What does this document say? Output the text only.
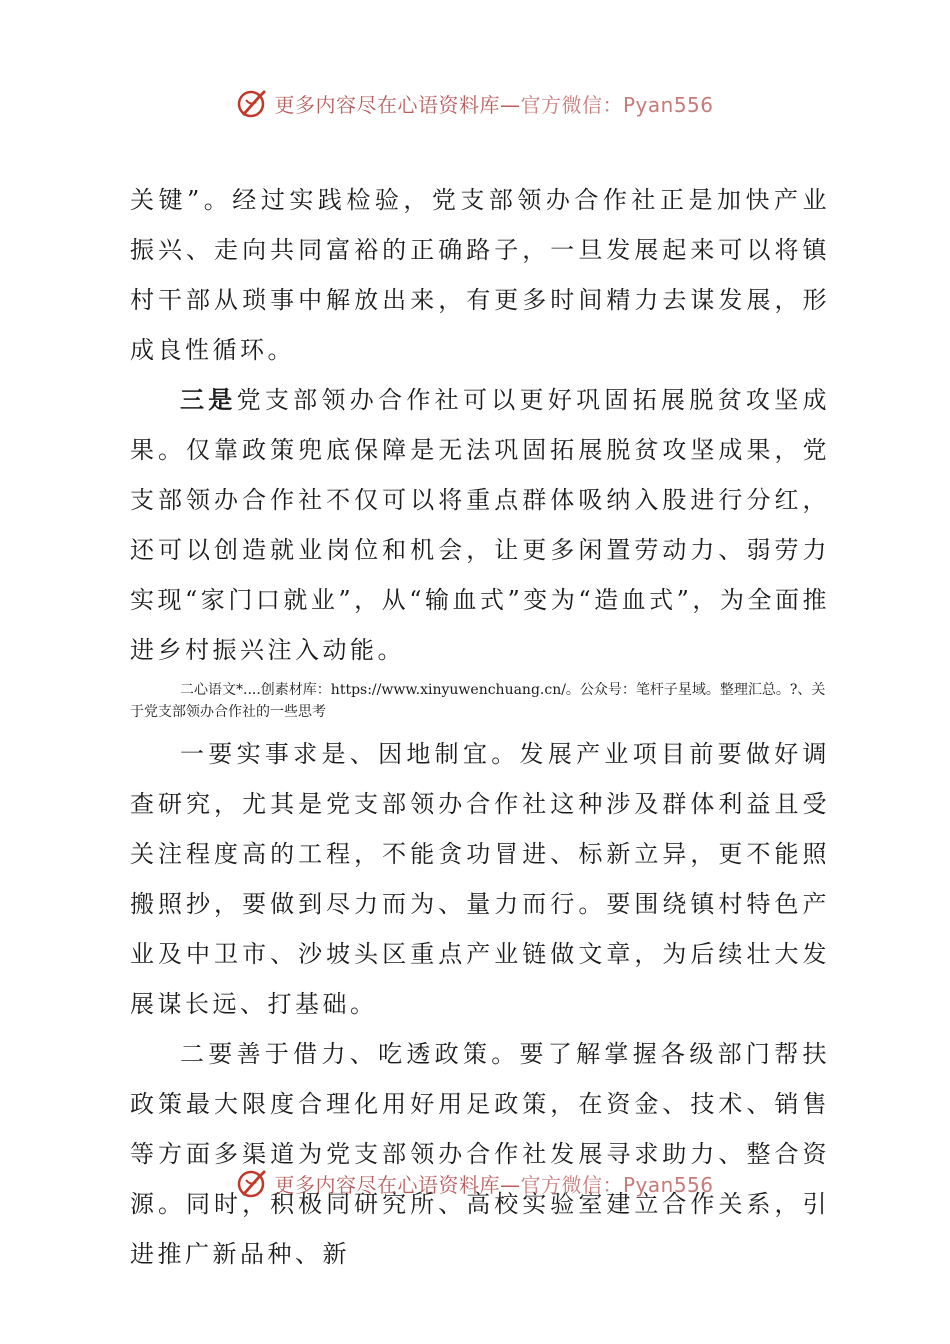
更多内容尽在心语资料库—官方微信：Pyan556

关键”。经过实践检验，党支部领办合作社正是加快产业振兴、走向共同富裕的正确路子，一旦发展起来可以将镇村干部从琐事中解放出来，有更多时间精力去谋发展，形成良性循环。

三是党支部领办合作社可以更好巩固拓展脱贫攻坚成果。仅靠政策兜底保障是无法巩固拓展脱贫攻坚成果，党支部领办合作社不仅可以将重点群体吸纳入股进行分红，还可以创造就业岗位和机会，让更多闲置劳动力、弱劳力实现“家门口就业”，从“输血式”变为“造血式”，为全面推进乡村振兴注入动能。

二心语文*....创素材库：https://www.xinyuwenchuang.cn/。公众号：笔杆子星域。整理汇总。?、关于党支部领办合作社的一些思考

一要实事求是、因地制宜。发展产业项目前要做好调查研究，尤其是党支部领办合作社这种涉及群体利益且受关注程度高的工程，不能贪功冒进、标新立异，更不能照搬照抄，要做到尽力而为、量力而行。要围绕镇村特色产业及中卫市、沙坡头区重点产业链做文章，为后续壮大发展谋长远、打基础。

二要善于借力、吃透政策。要了解掌握各级部门帮扶政策最大限度合理化用好用足政策，在资金、技术、销售等方面多渠道为党支部领办合作社发展寻求助力、整合资源。同时，积极同研究所、高校实验室建立合作关系，引进推广新品种、新

更多内容尽在心语资料库—官方微信：Pyan556
